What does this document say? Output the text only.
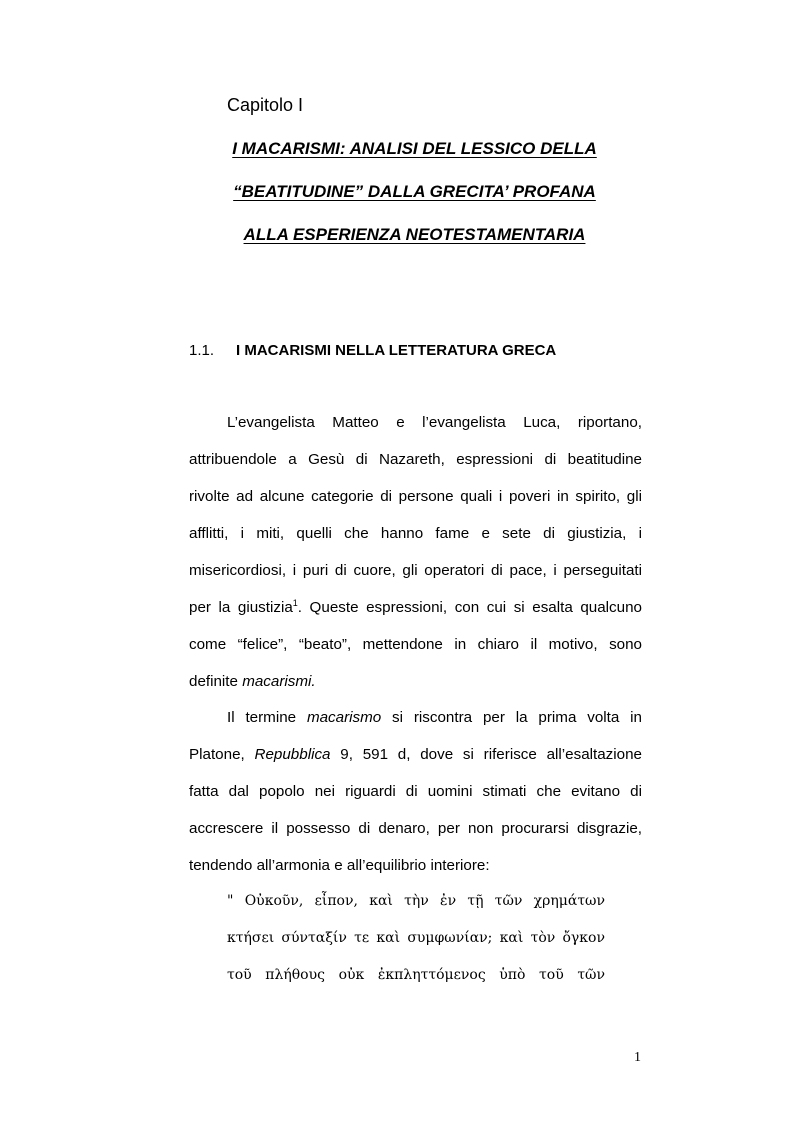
Capitolo I
I MACARISMI: ANALISI DEL LESSICO DELLA
“BEATITUDINE” DALLA GRECITA’ PROFANA
ALLA ESPERIENZA NEOTESTAMENTARIA
1.1. I MACARISMI NELLA LETTERATURA GRECA
L’evangelista Matteo e l’evangelista Luca, riportano,
attribuendole a Gesù di Nazareth, espressioni di beatitudine
rivolte ad alcune categorie di persone quali i poveri in spirito, gli
afflitti, i miti, quelli che hanno fame e sete di giustizia, i
misericordiosi, i puri di cuore, gli operatori di pace, i perseguitati
per la giustizia$^1$. Queste espressioni, con cui si esalta qualcuno
come “felice”, “beato”, mettendone in chiaro il motivo, sono
definite macarismi.
Il termine macarismo si riscontra per la prima volta in
Platone, Repubblica 9, 591 d, dove si riferisce all’esaltazione
fatta dal popolo nei riguardi di uomini stimati che evitano di
accrescere il possesso di denaro, per non procurarsi disgrazie,
tendendo all’armonia e all’equilibrio interiore:
" Οὐκοῦν, εἶπον, καὶ τὴν ἐν τῇ τῶν χρημάτων
κτήσει σύνταξίν τε καὶ συμφωνίαν; καὶ τὸν ὄγκον
τοῦ πλήθους οὐκ ἐκπληττόμενος ὑπὸ τοῦ τῶν
1
